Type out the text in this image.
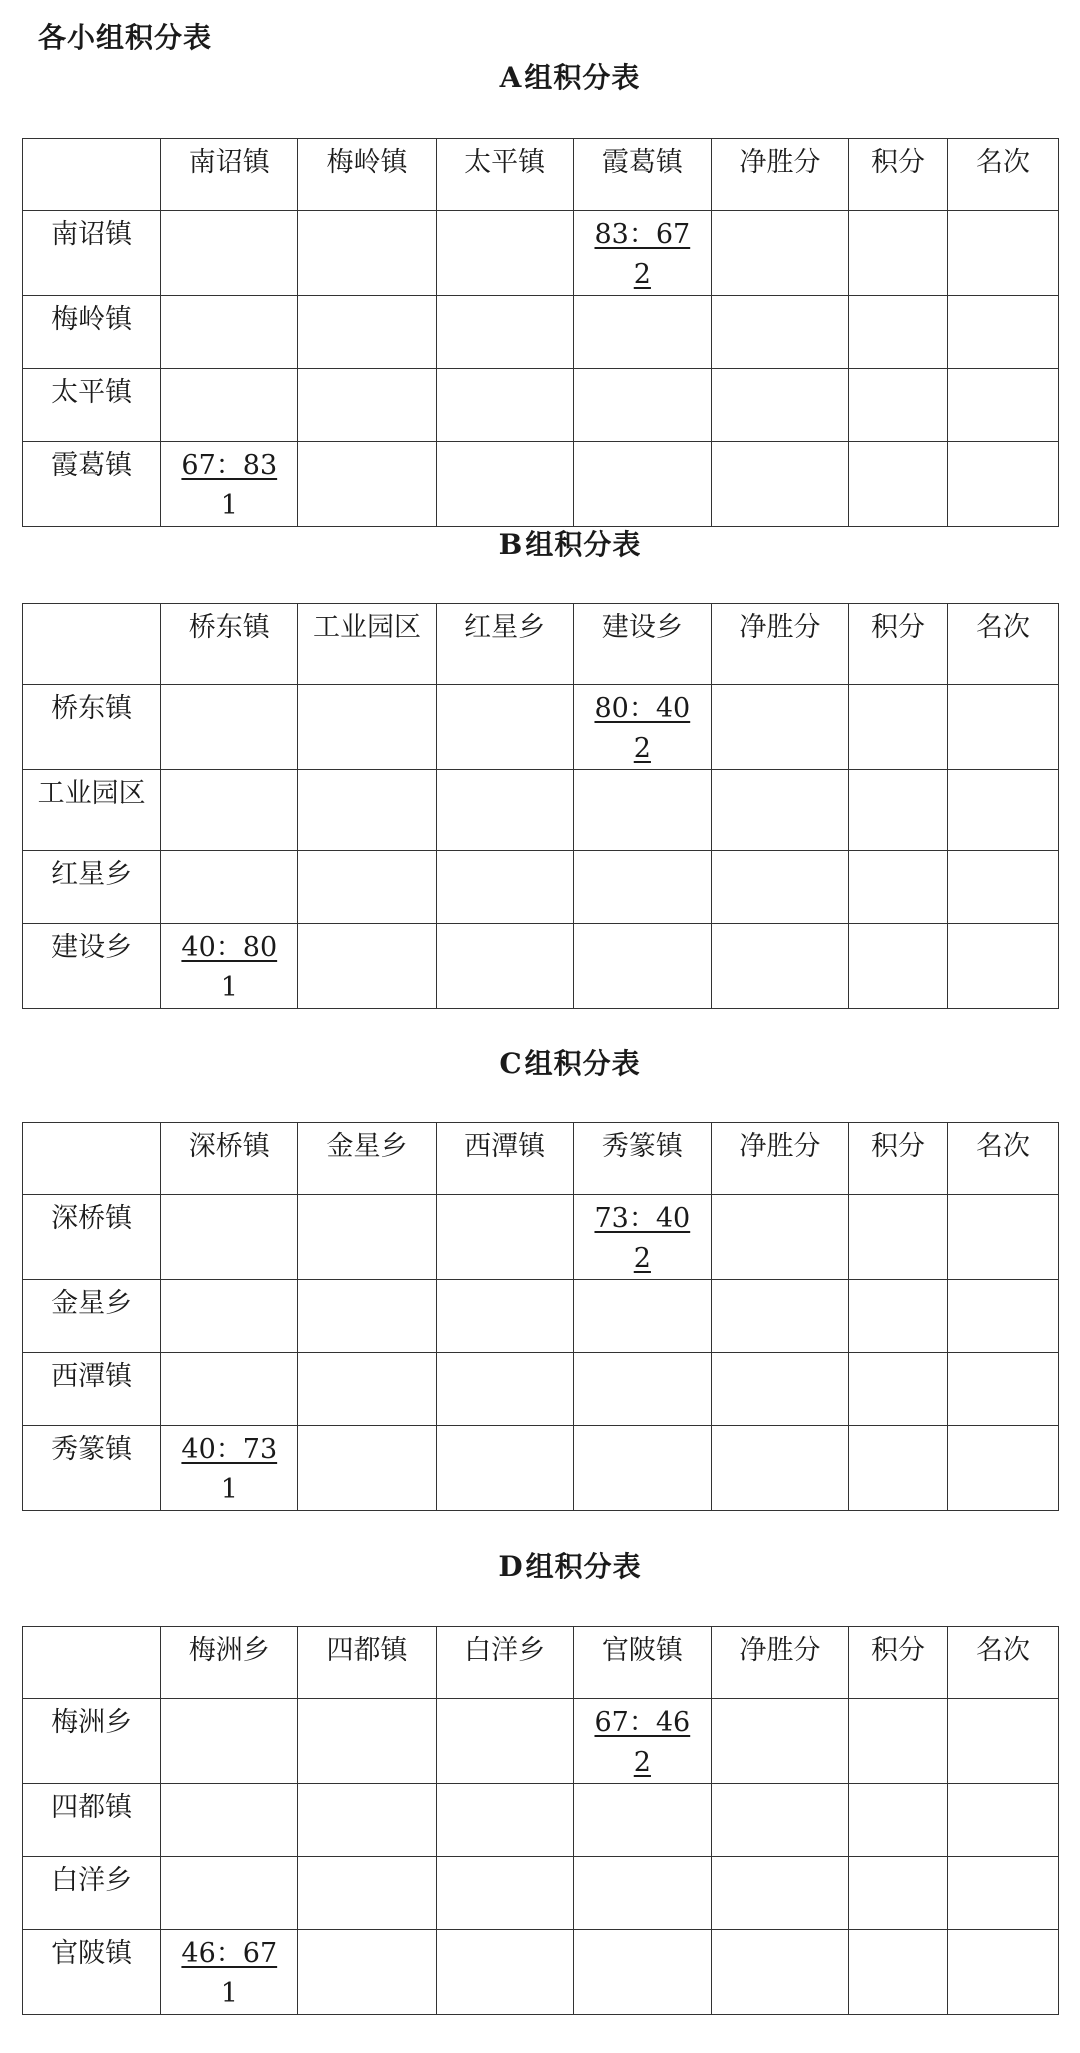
各小组积分表
A组积分表
	南诏镇	梅岭镇	太平镇	霞葛镇	净胜分	积分	名次
南诏镇				83：67
2			
梅岭镇							
太平镇							
霞葛镇	67：83
1						
B组积分表
	桥东镇	工业园区	红星乡	建设乡	净胜分	积分	名次
桥东镇				80：40
2			
工业园区							
红星乡							
建设乡	40：80
1						
C组积分表
	深桥镇	金星乡	西潭镇	秀篆镇	净胜分	积分	名次
深桥镇				73：40
2			
金星乡							
西潭镇							
秀篆镇	40：73
1						
D组积分表
	梅洲乡	四都镇	白洋乡	官陂镇	净胜分	积分	名次
梅洲乡				67：46
2			
四都镇							
白洋乡							
官陂镇	46：67
1						
